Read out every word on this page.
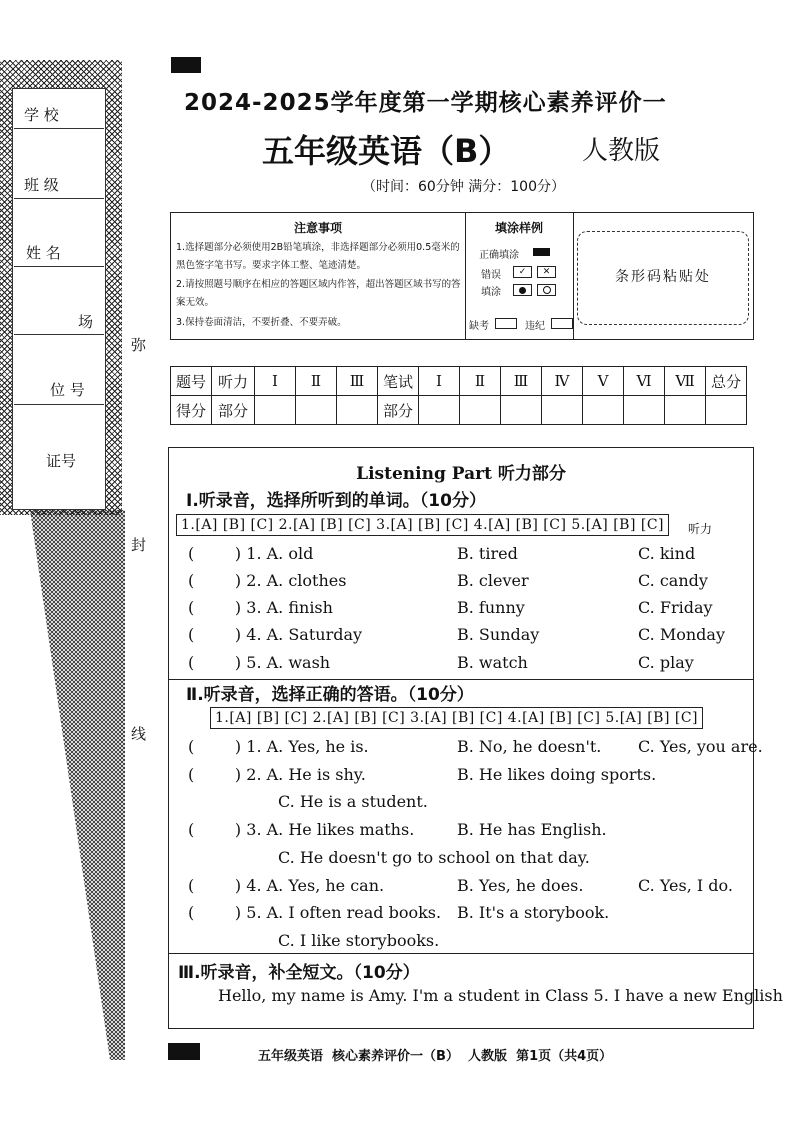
学 校
班 级
姓 名
场
位 号
证号
弥
封
线
2024-2025学年度第一学期核心素养评价一
五年级英语（B）	人教版
（时间：60分钟 满分：100分）
注意事项
1.选择题部分必须使用2B铅笔填涂，非选择题部分必须用0.5毫米的黑色签字笔书写。要求字体工整、笔迹清楚。
2.请按照题号顺序在相应的答题区域内作答，超出答题区域书写的答案无效。
3.保持卷面清洁，不要折叠、不要弄破。
填涂样例
正确填涂
错误
填涂
✓	✕
缺考	违纪
条形码粘贴处
题号	听力	Ⅰ	Ⅱ	Ⅲ	笔试	Ⅰ	Ⅱ	Ⅲ	Ⅳ	Ⅴ	Ⅵ	Ⅶ	总分
得分	部分				部分								
Listening Part 听力部分
Ⅰ.听录音，选择所听到的单词。（10分）
1.[A] [B] [C] 2.[A] [B] [C] 3.[A] [B] [C] 4.[A] [B] [C] 5.[A] [B] [C]	听力
(        ) 1. A. old	B. tired	C. kind
(        ) 2. A. clothes	B. clever	C. candy
(        ) 3. A. finish	B. funny	C. Friday
(        ) 4. A. Saturday	B. Sunday	C. Monday
(        ) 5. A. wash	B. watch	C. play
Ⅱ.听录音，选择正确的答语。（10分）
1.[A] [B] [C] 2.[A] [B] [C] 3.[A] [B] [C] 4.[A] [B] [C] 5.[A] [B] [C]
(        ) 1. A. Yes, he is.	B. No, he doesn't. C. Yes, you are.
(        ) 2. A. He is shy.	B. He likes doing sports.
C. He is a student.
(        ) 3. A. He likes maths.	B. He has English.
C. He doesn't go to school on that day.
(        ) 4. A. Yes, he can.	B. Yes, he does.	C. Yes, I do.
(        ) 5. A. I often read books. B. It's a storybook.
C. I like storybooks.
Ⅲ.听录音，补全短文。（10分）
Hello, my name is Amy. I'm a student in Class 5. I have a new English
五年级英语  核心素养评价一（B）  人教版  第1页（共4页）
